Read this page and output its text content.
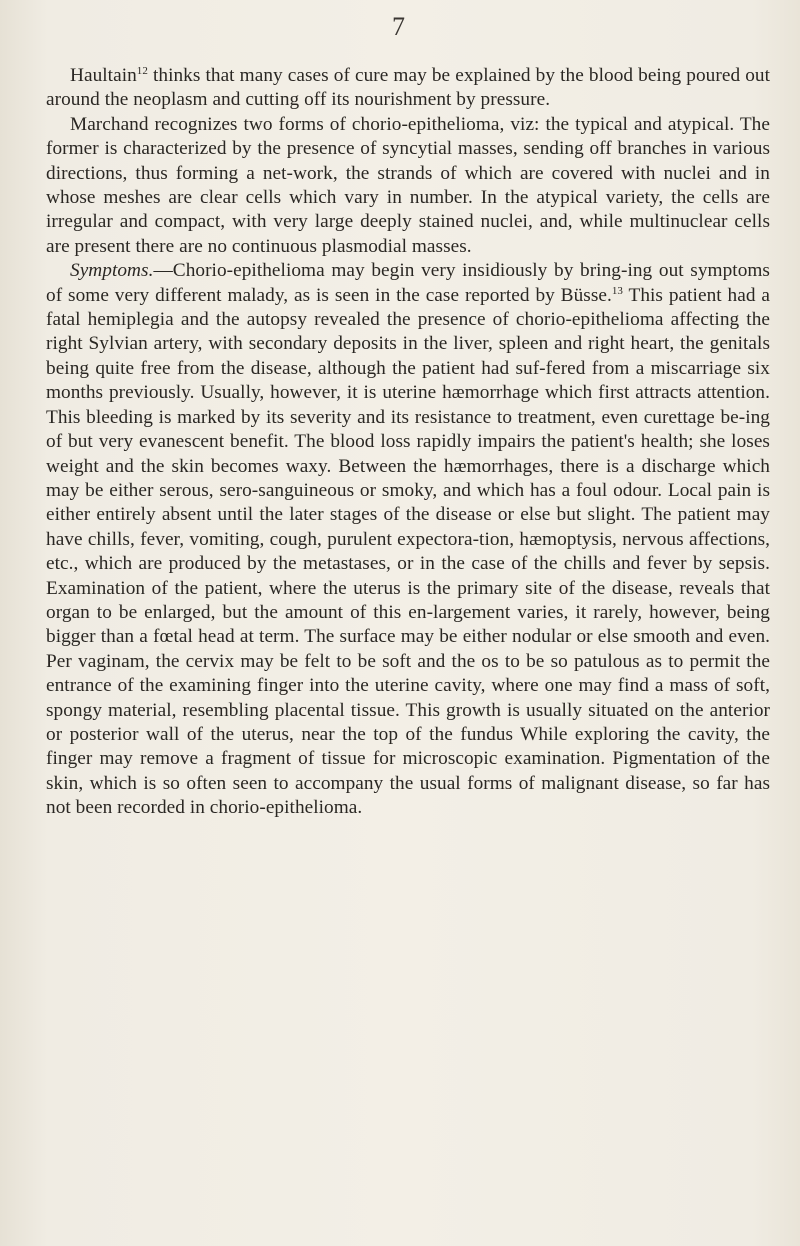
7

Haultain$^{12}$ thinks that many cases of cure may be explained by the blood being poured out around the neoplasm and cutting off its nourishment by pressure.

Marchand recognizes two forms of chorio-epithelioma, viz: the typical and atypical. The former is characterized by the presence of syncytial masses, sending off branches in various directions, thus forming a net-work, the strands of which are covered with nuclei and in whose meshes are clear cells which vary in number. In the atypical variety, the cells are irregular and compact, with very large deeply stained nuclei, and, while multinuclear cells are present there are no continuous plasmodial masses.

Symptoms.—Chorio-epithelioma may begin very insidiously by bring-ing out symptoms of some very different malady, as is seen in the case reported by Büsse.$^{13}$ This patient had a fatal hemiplegia and the autopsy revealed the presence of chorio-epithelioma affecting the right Sylvian artery, with secondary deposits in the liver, spleen and right heart, the genitals being quite free from the disease, although the patient had suf-fered from a miscarriage six months previously. Usually, however, it is uterine hæmorrhage which first attracts attention. This bleeding is marked by its severity and its resistance to treatment, even curettage be-ing of but very evanescent benefit. The blood loss rapidly impairs the patient's health; she loses weight and the skin becomes waxy. Between the hæmorrhages, there is a discharge which may be either serous, sero-sanguineous or smoky, and which has a foul odour. Local pain is either entirely absent until the later stages of the disease or else but slight. The patient may have chills, fever, vomiting, cough, purulent expectora-tion, hæmoptysis, nervous affections, etc., which are produced by the metastases, or in the case of the chills and fever by sepsis. Examination of the patient, where the uterus is the primary site of the disease, reveals that organ to be enlarged, but the amount of this en-largement varies, it rarely, however, being bigger than a fœtal head at term. The surface may be either nodular or else smooth and even. Per vaginam, the cervix may be felt to be soft and the os to be so patulous as to permit the entrance of the examining finger into the uterine cavity, where one may find a mass of soft, spongy material, resembling placental tissue. This growth is usually situated on the anterior or posterior wall of the uterus, near the top of the fundus While exploring the cavity, the finger may remove a fragment of tissue for microscopic examination. Pigmentation of the skin, which is so often seen to accompany the usual forms of malignant disease, so far has not been recorded in chorio-epithelioma.
